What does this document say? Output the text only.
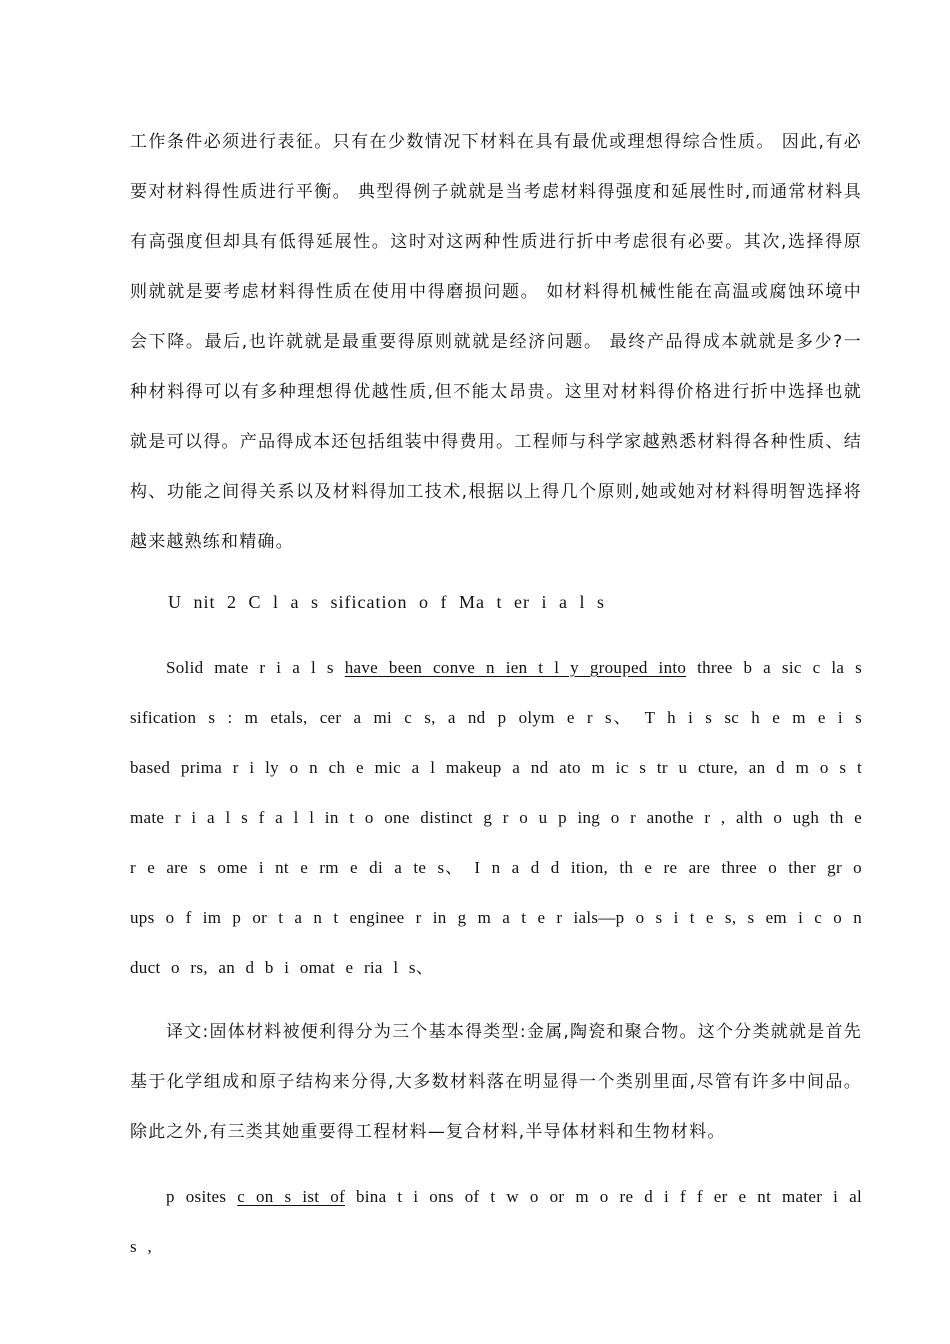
工作条件必须进行表征。只有在少数情况下材料在具有最优或理想得综合性质。 因此,有必要对材料得性质进行平衡。 典型得例子就就是当考虑材料得强度和延展性时,而通常材料具有高强度但却具有低得延展性。这时对这两种性质进行折中考虑很有必要。其次,选择得原则就就是要考虑材料得性质在使用中得磨损问题。 如材料得机械性能在高温或腐蚀环境中会下降。最后,也许就就是最重要得原则就就是经济问题。 最终产品得成本就就是多少?一种材料得可以有多种理想得优越性质,但不能太昂贵。这里对材料得价格进行折中选择也就就是可以得。产品得成本还包括组装中得费用。工程师与科学家越熟悉材料得各种性质、结构、功能之间得关系以及材料得加工技术,根据以上得几个原则,她或她对材料得明智选择将越来越熟练和精确。

U nit 2 C l a s sification o f Ma t er i a l s

Solid mate r i a l s have been conve n ien t l y grouped into three b a sic c la s sification s : m etals, cer a mi c s, a nd p olym e r s、 T h i s sc h e m e i s based prima r i ly o n ch e mic a l makeup a nd ato m ic s tr u cture, an d m o s t mate r i a l s f a l l in t o one distinct g r o u p ing o r anothe r , alth o ugh th e r e are s ome i nt e rm e di a te s、 I n a d d ition, th e re are three o ther gr o ups o f im p or t a n t enginee r in g m a t e r ials—p o s i t e s, s em i c o n duct o rs, an d b i omat e ria l s、

译文:固体材料被便利得分为三个基本得类型:金属,陶瓷和聚合物。这个分类就就是首先基于化学组成和原子结构来分得,大多数材料落在明显得一个类别里面,尽管有许多中间品。除此之外,有三类其她重要得工程材料—复合材料,半导体材料和生物材料。

p osites c on s ist of bina t i ons of t w o or m o re d i f f er e nt mater i al s ,
